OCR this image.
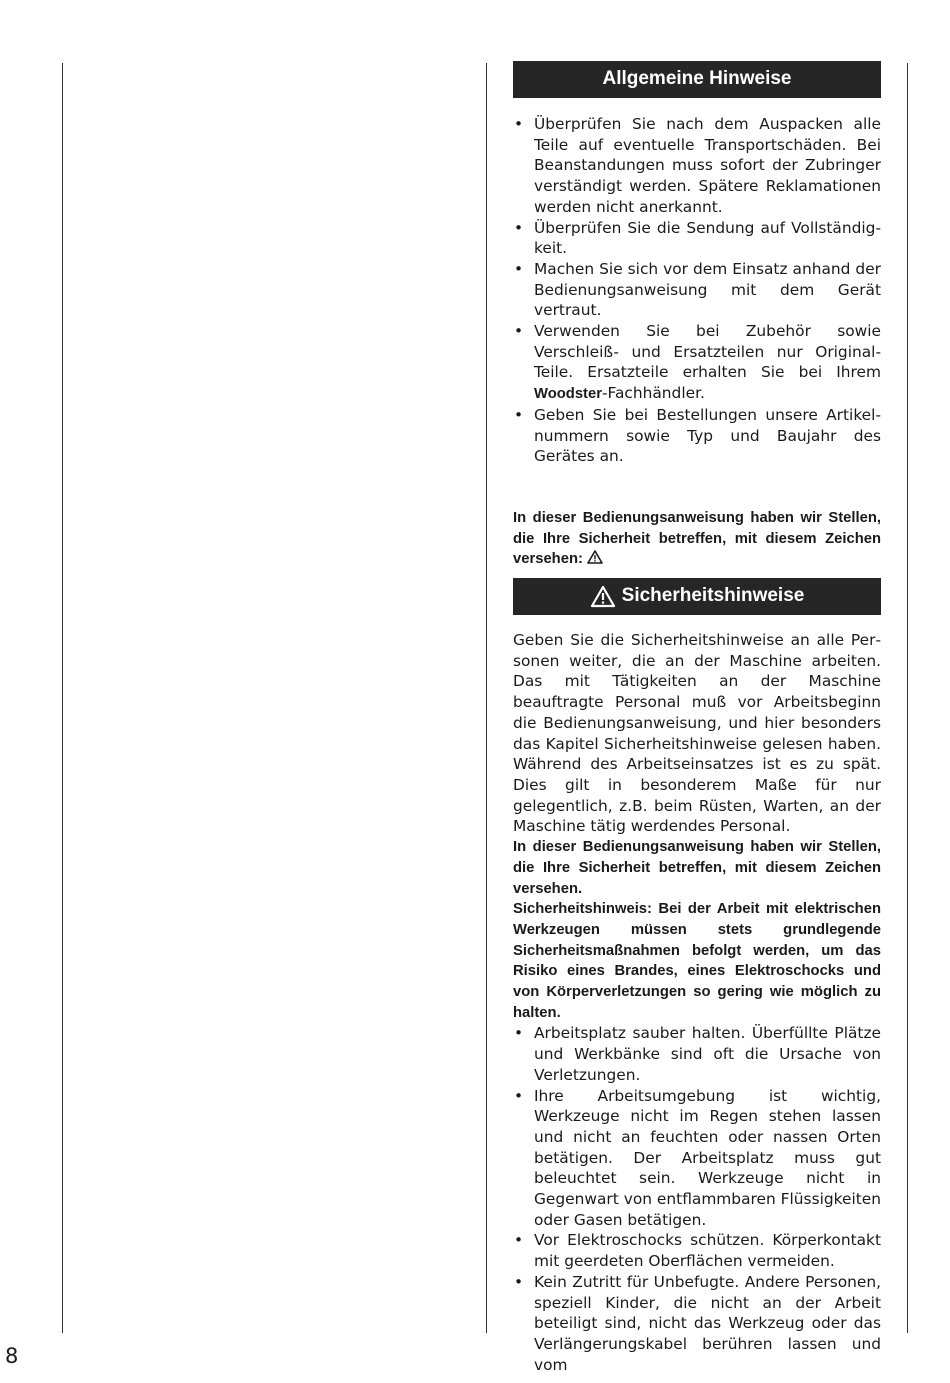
Allgemeine Hinweise
• Überprüfen Sie nach dem Auspacken alle Teile auf eventuelle Transportschäden. Bei Beanstandungen muss sofort der Zubringer verständigt werden. Spätere Reklamationen werden nicht anerkannt.
• Überprüfen Sie die Sendung auf Vollständigkeit.
• Machen Sie sich vor dem Einsatz anhand der Bedienungsanweisung mit dem Gerät vertraut.
• Verwenden Sie bei Zubehör sowie Verschleiß- und Ersatzteilen nur Original-Teile. Ersatzteile erhalten Sie bei Ihrem Woodster-Fachhändler.
• Geben Sie bei Bestellungen unsere Artikelnummern sowie Typ und Baujahr des Gerätes an.

In dieser Bedienungsanweisung haben wir Stellen, die Ihre Sicherheit betreffen, mit diesem Zeichen versehen:

Sicherheitshinweise

Geben Sie die Sicherheitshinweise an alle Personen weiter, die an der Maschine arbeiten. Das mit Tätigkeiten an der Maschine beauftragte Personal muß vor Arbeitsbeginn die Bedienungsanweisung, und hier besonders das Kapitel Sicherheitshinweise gelesen haben. Während des Arbeitseinsatzes ist es zu spät. Dies gilt in besonderem Maße für nur gelegentlich, z.B. beim Rüsten, Warten, an der Maschine tätig werdendes Personal.

In dieser Bedienungsanweisung haben wir Stellen, die Ihre Sicherheit betreffen, mit diesem Zeichen versehen.

Sicherheitshinweis: Bei der Arbeit mit elektrischen Werkzeugen müssen stets grundlegende Sicherheitsmaßnahmen befolgt werden, um das Risiko eines Brandes, eines Elektroschocks und von Körperverletzungen so gering wie möglich zu halten.

• Arbeitsplatz sauber halten. Überfüllte Plätze und Werkbänke sind oft die Ursache von Verletzungen.
• Ihre Arbeitsumgebung ist wichtig, Werkzeuge nicht im Regen stehen lassen und nicht an feuchten oder nassen Orten betätigen. Der Arbeitsplatz muss gut beleuchtet sein. Werkzeuge nicht in Gegenwart von entflammbaren Flüssigkeiten oder Gasen betätigen.
• Vor Elektroschocks schützen. Körperkontakt mit geerdeten Oberflächen vermeiden.
• Kein Zutritt für Unbefugte. Andere Personen, speziell Kinder, die nicht an der Arbeit beteiligt sind, nicht das Werkzeug oder das Verlängerungskabel berühren lassen und vom
8
